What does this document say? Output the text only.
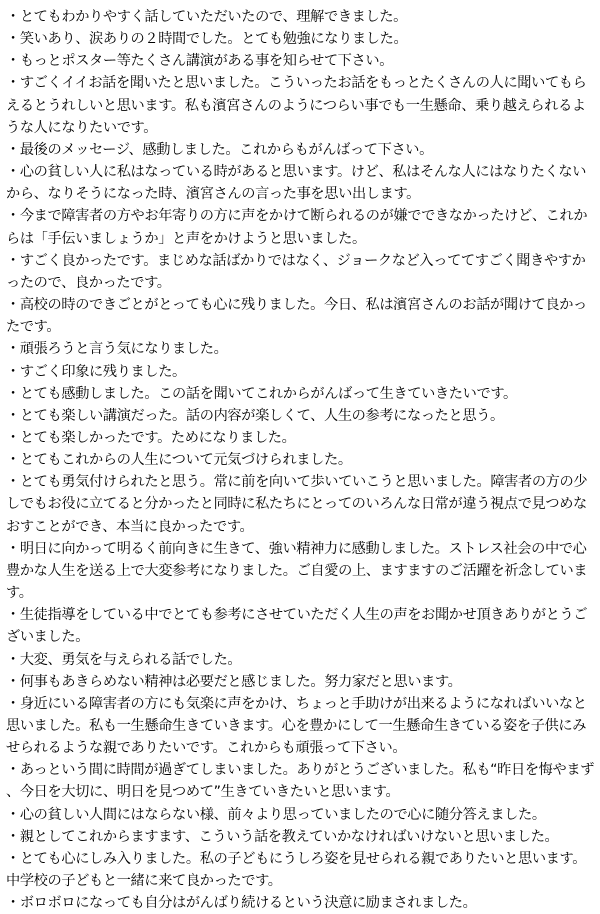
・とてもわかりやすく話していただいたので、理解できました。
・笑いあり、涙ありの２時間でした。とても勉強になりました。
・もっとポスター等たくさん講演がある事を知らせて下さい。
・すごくイイお話を聞いたと思いました。こういったお話をもっとたくさんの人に聞いてもらえるとうれしいと思います。私も濱宮さんのようにつらい事でも一生懸命、乗り越えられるような人になりたいです。
・最後のメッセージ、感動しました。これからもがんばって下さい。
・心の貧しい人に私はなっている時があると思います。けど、私はそんな人にはなりたくないから、なりそうになった時、濱宮さんの言った事を思い出します。
・今まで障害者の方やお年寄りの方に声をかけて断られるのが嫌でできなかったけど、これからは「手伝いましょうか」と声をかけようと思いました。
・すごく良かったです。まじめな話ばかりではなく、ジョークなど入っててすごく聞きやすかったので、良かったです。
・高校の時のできごとがとっても心に残りました。今日、私は濱宮さんのお話が聞けて良かったです。
・頑張ろうと言う気になりました。
・すごく印象に残りました。
・とても感動しました。この話を聞いてこれからがんばって生きていきたいです。
・とても楽しい講演だった。話の内容が楽しくて、人生の参考になったと思う。
・とても楽しかったです。ためになりました。
・とてもこれからの人生について元気づけられました。
・とても勇気付けられたと思う。常に前を向いて歩いていこうと思いました。障害者の方の少しでもお役に立てると分かったと同時に私たちにとってのいろんな日常が違う視点で見つめなおすことができ、本当に良かったです。
・明日に向かって明るく前向きに生きて、強い精神力に感動しました。ストレス社会の中で心豊かな人生を送る上で大変参考になりました。ご自愛の上、ますますのご活躍を祈念しています。
・生徒指導をしている中でとても参考にさせていただく人生の声をお聞かせ頂きありがとうございました。
・大変、勇気を与えられる話でした。
・何事もあきらめない精神は必要だと感じました。努力家だと思います。
・身近にいる障害者の方にも気楽に声をかけ、ちょっと手助けが出来るようになればいいなと思いました。私も一生懸命生きていきます。心を豊かにして一生懸命生きている姿を子供にみせられるような親でありたいです。これからも頑張って下さい。
・あっという間に時間が過ぎてしまいました。ありがとうございました。私も“昨日を悔やまず、今日を大切に、明日を見つめて”生きていきたいと思います。
・心の貧しい人間にはならない様、前々より思っていましたので心に随分答えました。
・親としてこれからますます、こういう話を教えていかなければいけないと思いました。
・とても心にしみ入りました。私の子どもにうしろ姿を見せられる親でありたいと思います。中学校の子どもと一緒に来て良かったです。
・ボロボロになっても自分はがんばり続けるという決意に励まされました。
